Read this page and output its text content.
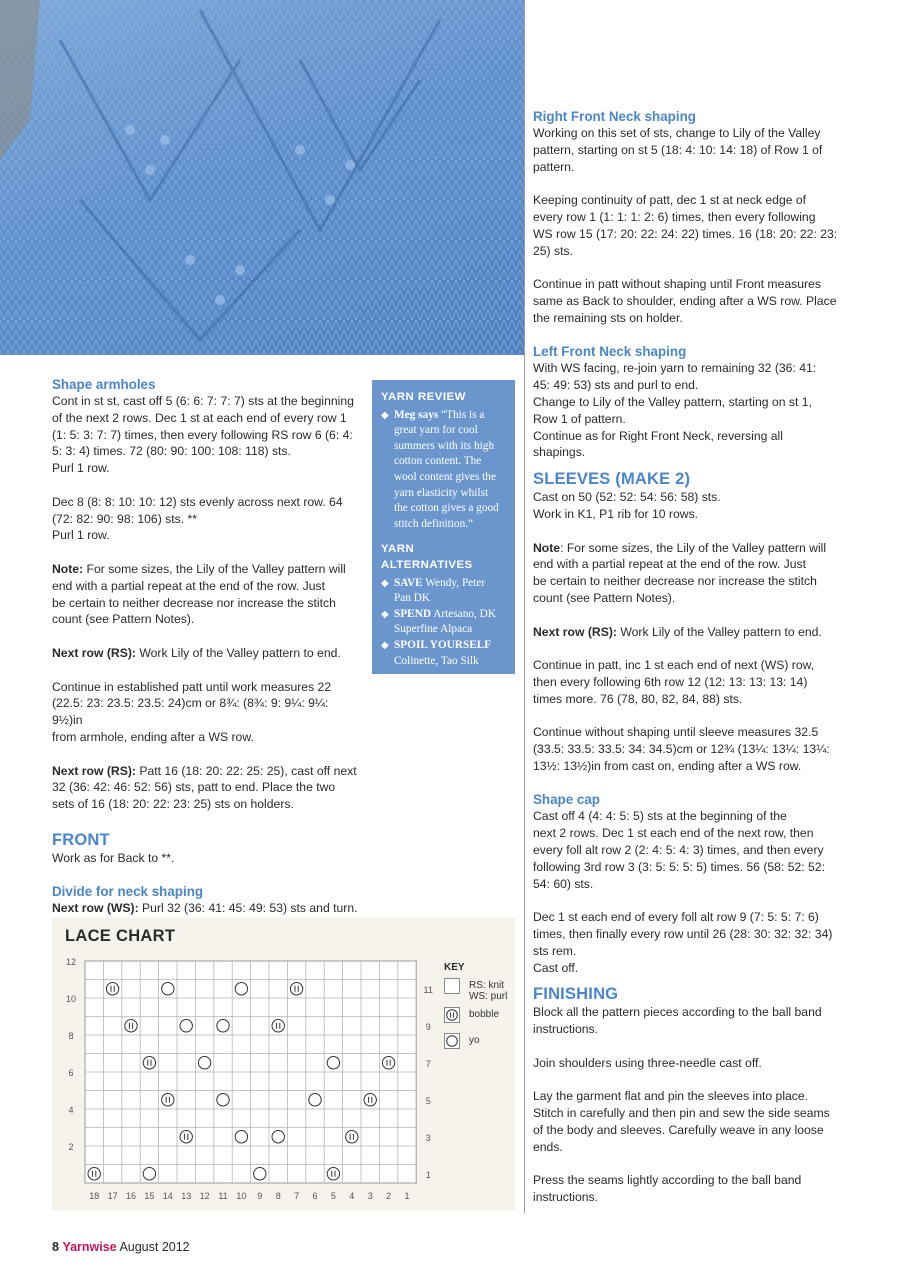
Shape armholes

Cont in st st, cast off 5 (6: 6: 7: 7: 7) sts at the beginning
of the next 2 rows. Dec 1 st at each end of every row 1
(1: 5: 3: 7: 7) times, then every following RS row 6 (6: 4:
5: 3: 4) times. 72 (80: 90: 100: 108: 118) sts.
Purl 1 row.

Dec 8 (8: 8: 10: 10: 12) sts evenly across next row. 64
(72: 82: 90: 98: 106) sts. **
Purl 1 row.

Note: For some sizes, the Lily of the Valley pattern will
end with a partial repeat at the end of the row. Just
be certain to neither decrease nor increase the stitch
count (see Pattern Notes).

Next row (RS): Work Lily of the Valley pattern to end.

Continue in established patt until work measures 22
(22.5: 23: 23.5: 23.5: 24)cm or 8¾: (8¾: 9: 9¼: 9¼: 9½)in
from armhole, ending after a WS row.

Next row (RS): Patt 16 (18: 20: 22: 25: 25), cast off next
32 (36: 42: 46: 52: 56) sts, patt to end. Place the two
sets of 16 (18: 20: 22: 23: 25) sts on holders.

FRONT

Work as for Back to **.

Divide for neck shaping

Next row (WS): Purl 32 (36: 41: 45: 49: 53) sts and turn.

YARN REVIEW
◆ Meg says “This is a
great yarn for cool
summers with its high
cotton content. The
wool content gives the
yarn elasticity whilst
the cotton gives a good
stitch definition.”
YARN ALTERNATIVES
◆ SAVE Wendy, Peter
Pan DK
◆ SPEND Artesano, DK
Superfine Alpaca
◆ SPOIL YOURSELF
Colinette, Tao Silk
Right Front Neck shaping

Working on this set of sts, change to Lily of the Valley
pattern, starting on st 5 (18: 4: 10: 14: 18) of Row 1 of
pattern.

Keeping continuity of patt, dec 1 st at neck edge of
every row 1 (1: 1: 1: 2: 6) times, then every following
WS row 15 (17: 20: 22: 24: 22) times. 16 (18: 20: 22: 23:
25) sts.

Continue in patt without shaping until Front measures
same as Back to shoulder, ending after a WS row. Place
the remaining sts on holder.

Left Front Neck shaping

With WS facing, re-join yarn to remaining 32 (36: 41:
45: 49: 53) sts and purl to end.
Change to Lily of the Valley pattern, starting on st 1,
Row 1 of pattern.
Continue as for Right Front Neck, reversing all
shapings.

SLEEVES (MAKE 2)

Cast on 50 (52: 52: 54: 56: 58) sts.
Work in K1, P1 rib for 10 rows.

Note: For some sizes, the Lily of the Valley pattern will
end with a partial repeat at the end of the row. Just
be certain to neither decrease nor increase the stitch
count (see Pattern Notes).

Next row (RS): Work Lily of the Valley pattern to end.

Continue in patt, inc 1 st each end of next (WS) row,
then every following 6th row 12 (12: 13: 13: 13: 14)
times more. 76 (78, 80, 82, 84, 88) sts.

Continue without shaping until sleeve measures 32.5
(33.5: 33.5: 33.5: 34: 34.5)cm or 12¾ (13¼: 13¼: 13¼:
13½: 13½)in from cast on, ending after a WS row.

Shape cap

Cast off 4 (4: 4: 5: 5) sts at the beginning of the
next 2 rows. Dec 1 st each end of the next row, then
every foll alt row 2 (2: 4: 5: 4: 3) times, and then every
following 3rd row 3 (3: 5: 5: 5: 5) times. 56 (58: 52: 52:
54: 60) sts.

Dec 1 st each end of every foll alt row 9 (7: 5: 5: 7: 6)
times, then finally every row until 26 (28: 30: 32: 32: 34)
sts rem.
Cast off.

FINISHING

Block all the pattern pieces according to the ball band
instructions.

Join shoulders using three-needle cast off.

Lay the garment flat and pin the sleeves into place.
Stitch in carefully and then pin and sew the side seams
of the body and sleeves. Carefully weave in any loose
ends.

Press the seams lightly according to the ball band
instructions.

LACE CHART
12
10
8
6
4
2
11
9
7
5
3
1
18 17 16 15 14 13 12 11 10 9 8 7 6 5 4 3 2 1
KEY
RS: knit
WS: purl
bobble
yo
8 Yarnwise August 2012
